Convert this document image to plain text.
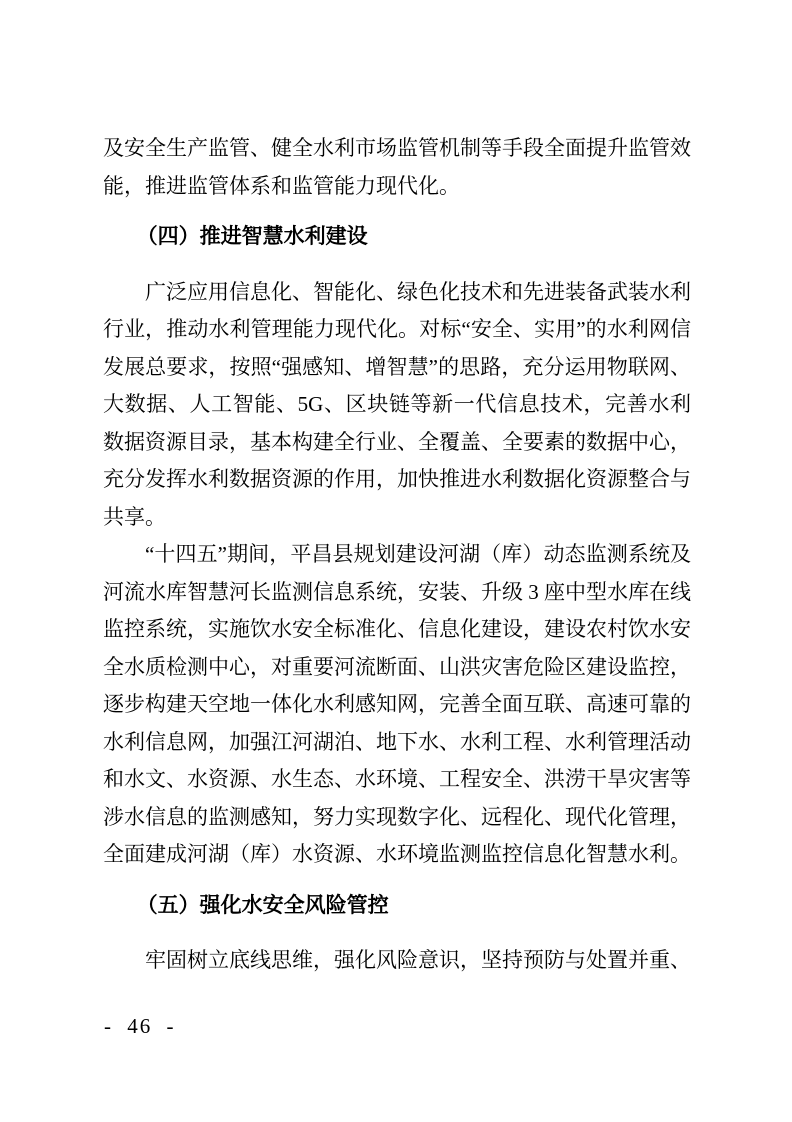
及安全生产监管、健全水利市场监管机制等手段全面提升监管效能，推进监管体系和监管能力现代化。

（四）推进智慧水利建设

广泛应用信息化、智能化、绿色化技术和先进装备武装水利行业，推动水利管理能力现代化。对标“安全、实用”的水利网信发展总要求，按照“强感知、增智慧”的思路，充分运用物联网、大数据、人工智能、5G、区块链等新一代信息技术，完善水利数据资源目录，基本构建全行业、全覆盖、全要素的数据中心，充分发挥水利数据资源的作用，加快推进水利数据化资源整合与共享。

“十四五”期间，平昌县规划建设河湖（库）动态监测系统及河流水库智慧河长监测信息系统，安装、升级 3 座中型水库在线监控系统，实施饮水安全标准化、信息化建设，建设农村饮水安全水质检测中心，对重要河流断面、山洪灾害危险区建设监控，逐步构建天空地一体化水利感知网，完善全面互联、高速可靠的水利信息网，加强江河湖泊、地下水、水利工程、水利管理活动和水文、水资源、水生态、水环境、工程安全、洪涝干旱灾害等涉水信息的监测感知，努力实现数字化、远程化、现代化管理，全面建成河湖（库）水资源、水环境监测监控信息化智慧水利。

（五）强化水安全风险管控

牢固树立底线思维，强化风险意识，坚持预防与处置并重、

- 46 -
